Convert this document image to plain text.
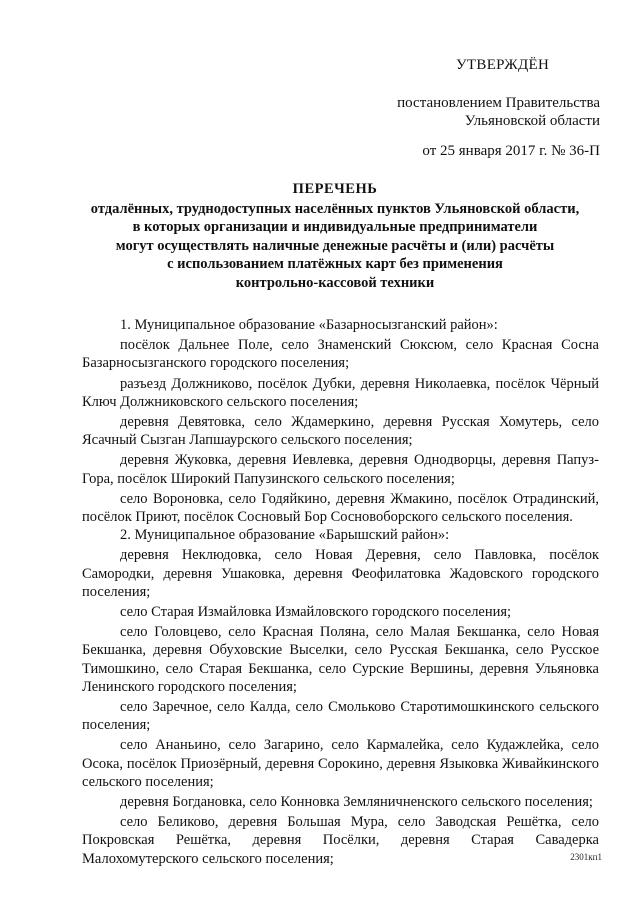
УТВЕРЖДЁН
постановлением Правительства
Ульяновской области
от 25 января 2017 г. № 36-П
ПЕРЕЧЕНЬ
отдалённых, труднодоступных населённых пунктов Ульяновской области,
в которых организации и индивидуальные предприниматели
могут осуществлять наличные денежные расчёты и (или) расчёты
с использованием платёжных карт без применения
контрольно-кассовой техники

1. Муниципальное образование «Базарносызганский район»:

посёлок Дальнее Поле, село Знаменский Сюксюм, село Красная Сосна Базарносызганского городского поселения;

разъезд Должниково, посёлок Дубки, деревня Николаевка, посёлок Чёрный Ключ Должниковского сельского поселения;

деревня Девятовка, село Ждамеркино, деревня Русская Хомутерь, село Ясачный Сызган Лапшаурского сельского поселения;

деревня Жуковка, деревня Иевлевка, деревня Однодворцы, деревня Папуз-Гора, посёлок Широкий Папузинского сельского поселения;

село Вороновка, село Годяйкино, деревня Жмакино, посёлок Отрадинский, посёлок Приют, посёлок Сосновый Бор Сосновоборского сельского поселения.

2. Муниципальное образование «Барышский район»:

деревня Неклюдовка, село Новая Деревня, село Павловка, посёлок Самородки, деревня Ушаковка, деревня Феофилатовка Жадовского городского поселения;

село Старая Измайловка Измайловского городского поселения;

село Головцево, село Красная Поляна, село Малая Бекшанка, село Новая Бекшанка, деревня Обуховские Выселки, село Русская Бекшанка, село Русское Тимошкино, село Старая Бекшанка, село Сурские Вершины, деревня Ульяновка Ленинского городского поселения;

село Заречное, село Калда, село Смольково Старотимошкинского сельского поселения;

село Ананьино, село Загарино, село Кармалейка, село Кудажлейка, село Осока, посёлок Приозёрный, деревня Сорокино, деревня Языковка Живайкинского сельского поселения;

деревня Богдановка, село Конновка Земляничненского сельского поселения;

село Беликово, деревня Большая Мура, село Заводская Решётка, село Покровская Решётка, деревня Посёлки, деревня Старая Савадерка Малохомутерского сельского поселения;	2301кп1
